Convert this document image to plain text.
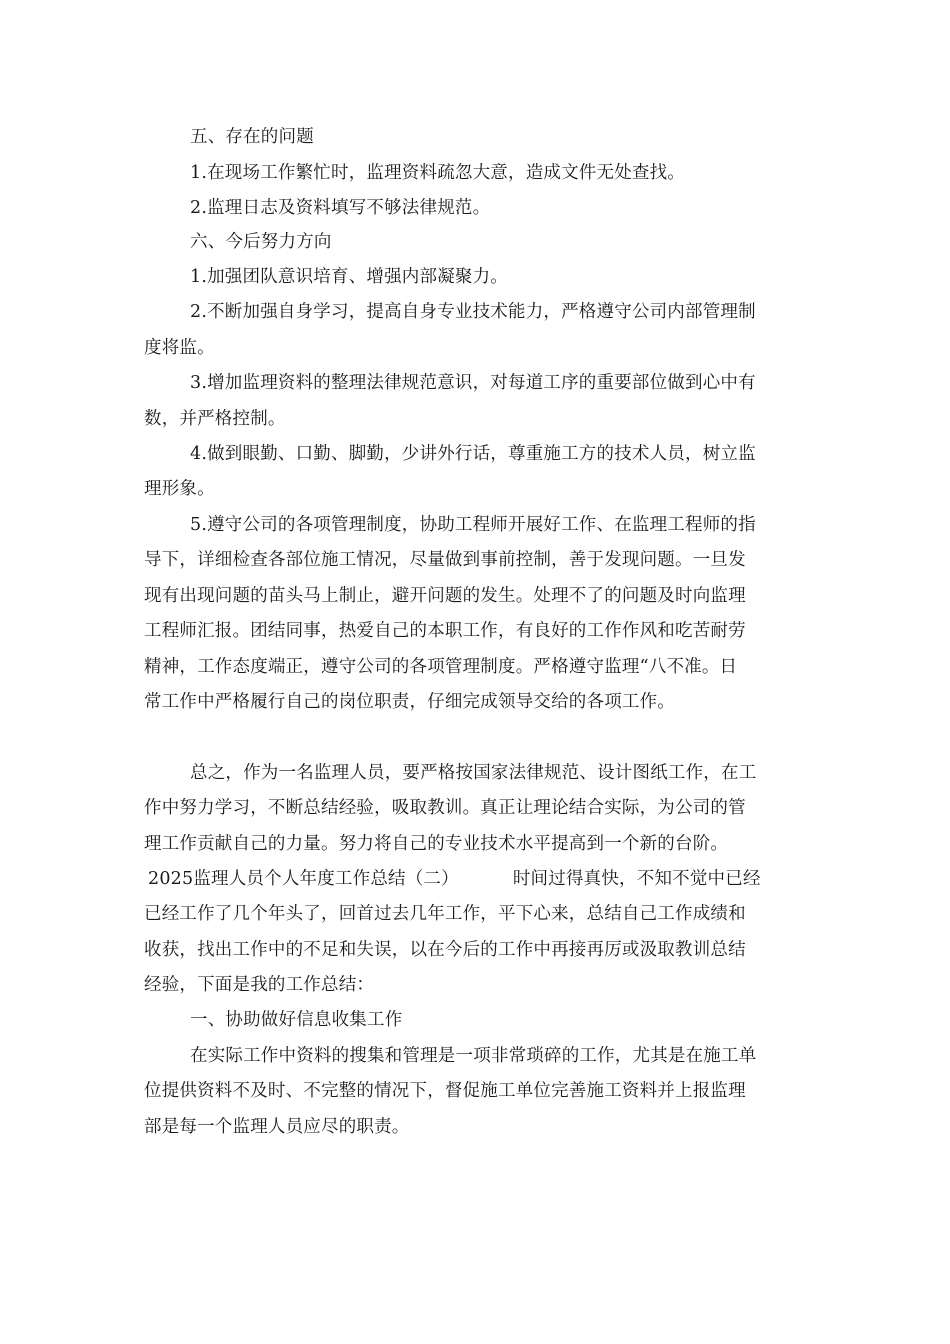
五、存在的问题
1.在现场工作繁忙时，监理资料疏忽大意，造成文件无处查找。
2.监理日志及资料填写不够法律规范。
六、今后努力方向
1.加强团队意识培育、增强内部凝聚力。
2.不断加强自身学习，提高自身专业技术能力，严格遵守公司内部管理制
度将监。
3.增加监理资料的整理法律规范意识，对每道工序的重要部位做到心中有
数，并严格控制。
4.做到眼勤、口勤、脚勤，少讲外行话，尊重施工方的技术人员，树立监
理形象。
5.遵守公司的各项管理制度，协助工程师开展好工作、在监理工程师的指
导下，详细检查各部位施工情况，尽量做到事前控制，善于发现问题。一旦发
现有出现问题的苗头马上制止，避开问题的发生。处理不了的问题及时向监理
工程师汇报。团结同事，热爱自己的本职工作，有良好的工作作风和吃苦耐劳
精神，工作态度端正，遵守公司的各项管理制度。严格遵守监理“八不准。日
常工作中严格履行自己的岗位职责，仔细完成领导交给的各项工作。
总之，作为一名监理人员，要严格按国家法律规范、设计图纸工作，在工
作中努力学习，不断总结经验，吸取教训。真正让理论结合实际，为公司的管
理工作贡献自己的力量。努力将自己的专业技术水平提高到一个新的台阶。
2025监理人员个人年度工作总结（二）	时间过得真快，不知不觉中已经
已经工作了几个年头了，回首过去几年工作，平下心来，总结自己工作成绩和
收获，找出工作中的不足和失误，以在今后的工作中再接再厉或汲取教训总结
经验，下面是我的工作总结：
一、协助做好信息收集工作
在实际工作中资料的搜集和管理是一项非常琐碎的工作，尤其是在施工单
位提供资料不及时、不完整的情况下，督促施工单位完善施工资料并上报监理
部是每一个监理人员应尽的职责。
